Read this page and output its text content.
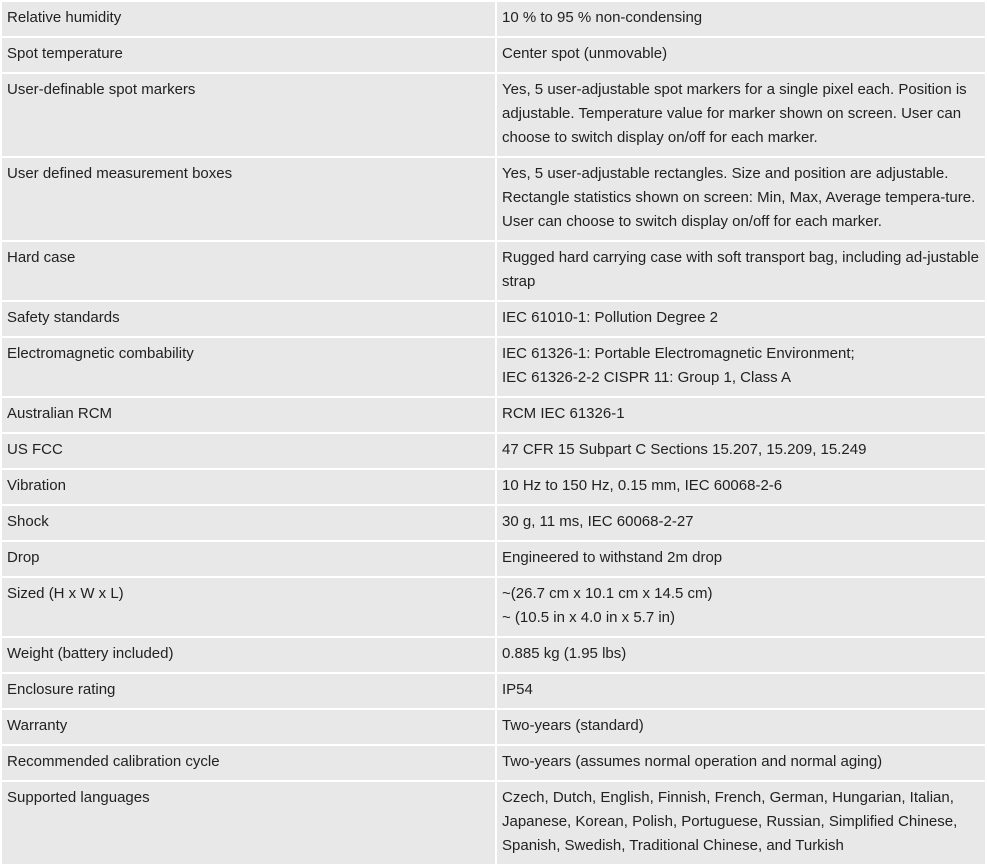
Relative humidity	10 % to 95 % non-condensing
Spot temperature	Center spot (unmovable)
User-definable spot markers	Yes, 5 user-adjustable spot markers for a single pixel each. Position is adjustable. Temperature value for marker shown on screen. User can choose to switch display on/off for each marker.
User defined measurement boxes	Yes, 5 user-adjustable rectangles. Size and position are adjustable. Rectangle statistics shown on screen: Min, Max, Average tempera-ture. User can choose to switch display on/off for each marker.
Hard case	Rugged hard carrying case with soft transport bag, including ad-justable strap
Safety standards	IEC 61010-1: Pollution Degree 2
Electromagnetic combability	IEC 61326-1: Portable Electromagnetic Environment;
IEC 61326-2-2 CISPR 11: Group 1, Class A

Australian RCM	RCM IEC 61326-1
US FCC	47 CFR 15 Subpart C Sections 15.207, 15.209, 15.249
Vibration	10 Hz to 150 Hz, 0.15 mm, IEC 60068-2-6
Shock	30 g, 11 ms, IEC 60068-2-27
Drop	Engineered to withstand 2m drop
Sized (H x W x L)	~(26.7 cm x 10.1 cm x 14.5 cm)
~ (10.5 in x 4.0 in x 5.7 in)

Weight (battery included)	0.885 kg (1.95 lbs)
Enclosure rating	IP54
Warranty	Two-years (standard)
Recommended calibration cycle	Two-years (assumes normal operation and normal aging)
Supported languages	Czech, Dutch, English, Finnish, French, German, Hungarian, Italian, Japanese, Korean, Polish, Portuguese, Russian, Simplified Chinese, Spanish, Swedish, Traditional Chinese, and Turkish
